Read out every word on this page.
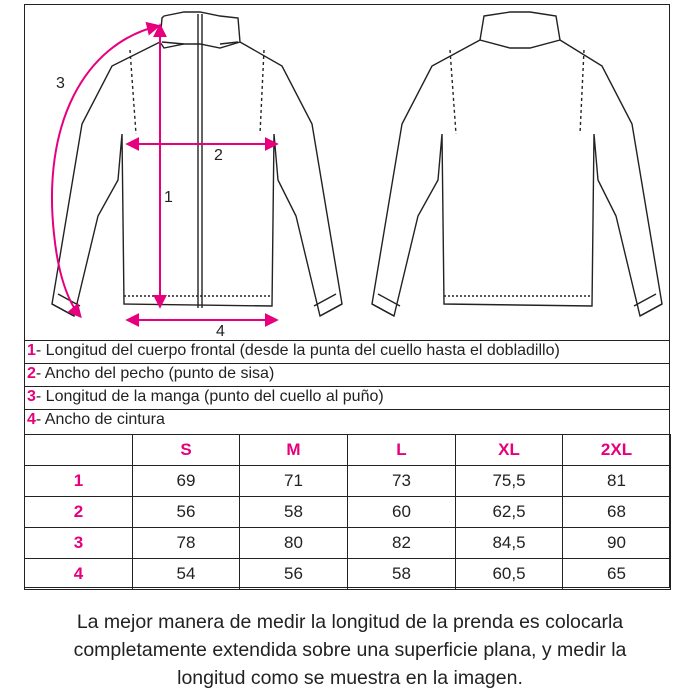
1
2
3
4
1- Longitud del cuerpo frontal (desde la punta del cuello hasta el dobladillo)
2- Ancho del pecho (punto de sisa)
3- Longitud de la manga (punto del cuello al puño)
4- Ancho de cintura
	S	M	L	XL	2XL
1	69	71	73	75,5	81
2	56	58	60	62,5	68
3	78	80	82	84,5	90
4	54	56	58	60,5	65
La mejor manera de medir la longitud de la prenda es colocarla
completamente extendida sobre una superficie plana, y medir la
longitud como se muestra en la imagen.
